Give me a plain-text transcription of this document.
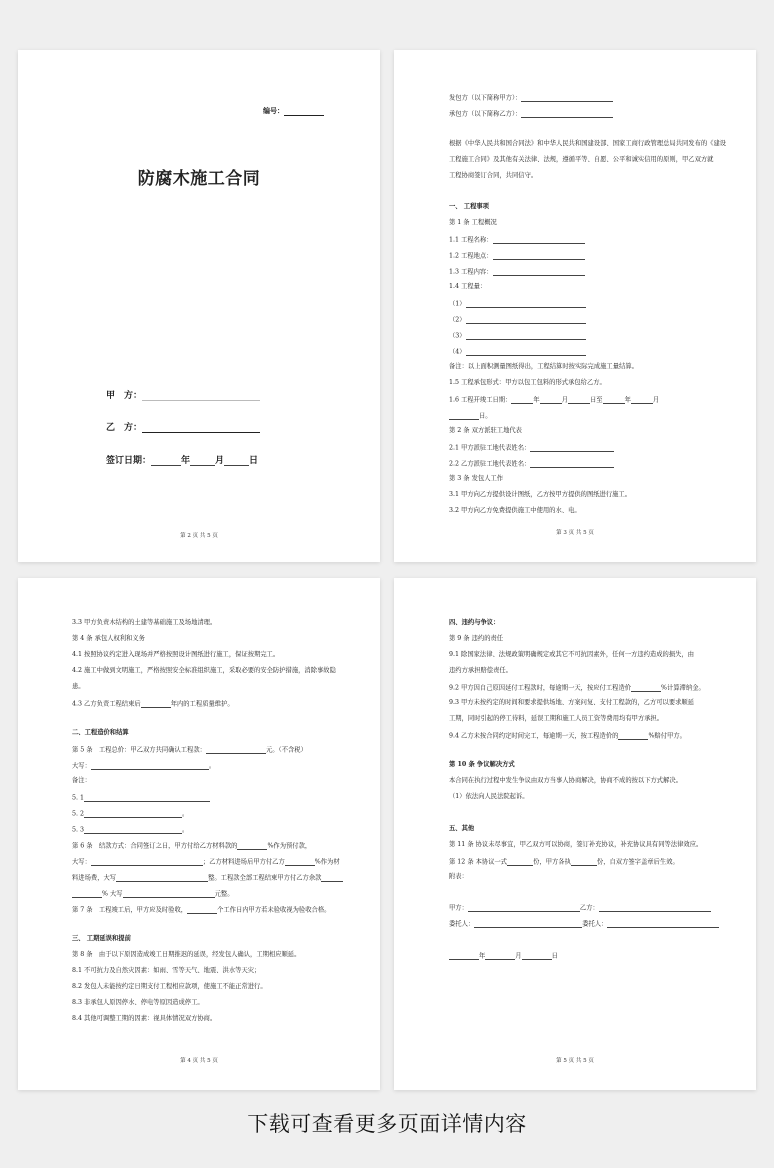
编号：
防腐木施工合同
甲　方：
乙　方：
签订日期：	年	月	日
第 2 页 共 5 页
发包方（以下简称甲方）：
承包方（以下简称乙方）：
根据《中华人民共和国合同法》和中华人民共和国建设部、国家工商行政管理总局共同发布的《建设
工程施工合同》及其他有关法律、法规，遵循平等、自愿、公平和诚实信用的原则，甲乙双方就
工程协商签订合同，共同信守。
一、 工程事项
第 1 条 工程概况
1.1 工程名称：
1.2 工程地点：
1.3 工程内容：
1.4 工程量：
（1）
（2）
（3）
（4）
备注：以上面积测量图纸得出，工程结算时按实际完成施工量结算。
1.5 工程承包形式：甲方以包工包料的形式承包给乙方。
1.6 工程开竣工日期：	年	月	日至	年	月
日。
第 2 条 双方派驻工地代表
2.1 甲方派驻工地代表姓名：
2.2 乙方派驻工地代表姓名：
第 3 条 发包人工作
3.1 甲方向乙方提供设计图纸，乙方按甲方提供的图纸进行施工。
3.2 甲方向乙方免费提供施工中使用的水、电。
第 3 页 共 5 页
3.3 甲方负责木结构的土建等基础施工及场地清理。
第 4 条 承包人权利和义务
4.1 按照协议约定进入现场并严格按照设计图纸进行施工，保证按期完工。
4.2 施工中做到文明施工，严格按照安全标准组织施工，采取必要的安全防护措施，消除事故隐
患。
4.3 乙方负责工程结束后	年内的工程质量维护。
二、工程造价和结算
第 5 条　工程总价：甲乙双方共同确认工程款：	元。（不含税）
大写：	。
备注：
5. 1
5. 2	。
5. 3	。
第 6 条　结款方式：合同签订之日，甲方付给乙方材料款的	%作为预付款，
大写：	；乙方材料进场后甲方付乙方	%作为材
料进场费，大写	整。工程款全部工程结束甲方付乙方余款
% 大写	元整。
第 7 条　工程竣工后，甲方应及时验收，	个工作日内甲方若未验收视为验收合格。
三、 工期延误和提前
第 8 条　由于以下原因造成竣工日期推迟的延误，经发包人确认，工期相应顺延。
8.1 不可抗力及自然灾因素：如雨、雪等天气、地震、洪水等天灾；
8.2 发包人未能按约定日期支付工程相应款项，使施工不能正常进行。
8.3 非承包人原因停水、停电等原因造成停工。
8.4 其他可调整工期的因素：视具体情况双方协商。
第 4 页 共 5 页
四、违约与争议：
第 9 条 违约的责任
9.1 除国家法律、法规政策明确规定或其它不可抗因素外，任何一方违约造成的损失，由
违约方承担赔偿责任。
9.2 甲方因自己原因延付工程款时，每逾期一天，按应付工程造价	%计算滞纳金。
9.3 甲方未按约定的时间和要求提供场地、方案问复、支付工程款的，乙方可以要求顺延
工期，同时引起的停工待料，延误工期和施工人员工资等费用均有甲方承担。
9.4 乙方未按合同约定时间完工，每逾期一天，按工程造价的	%赔付甲方。
第 10 条 争议解决方式
本合同在执行过程中发生争议由双方当事人协商解决，协商不成的按以下方式解决。
（1）依法向人民法院起诉。
五、其他
第 11 条 协议未尽事宜，甲乙双方可以协商，签订补充协议，补充协议具有同等法律效应。
第 12 条 本协议一式	份，甲方各执	份，自双方签字盖章后生效。
附表：
甲方：	乙方：
委托人：	委托人：
年	月	日
第 5 页 共 5 页
下载可查看更多页面详情内容
